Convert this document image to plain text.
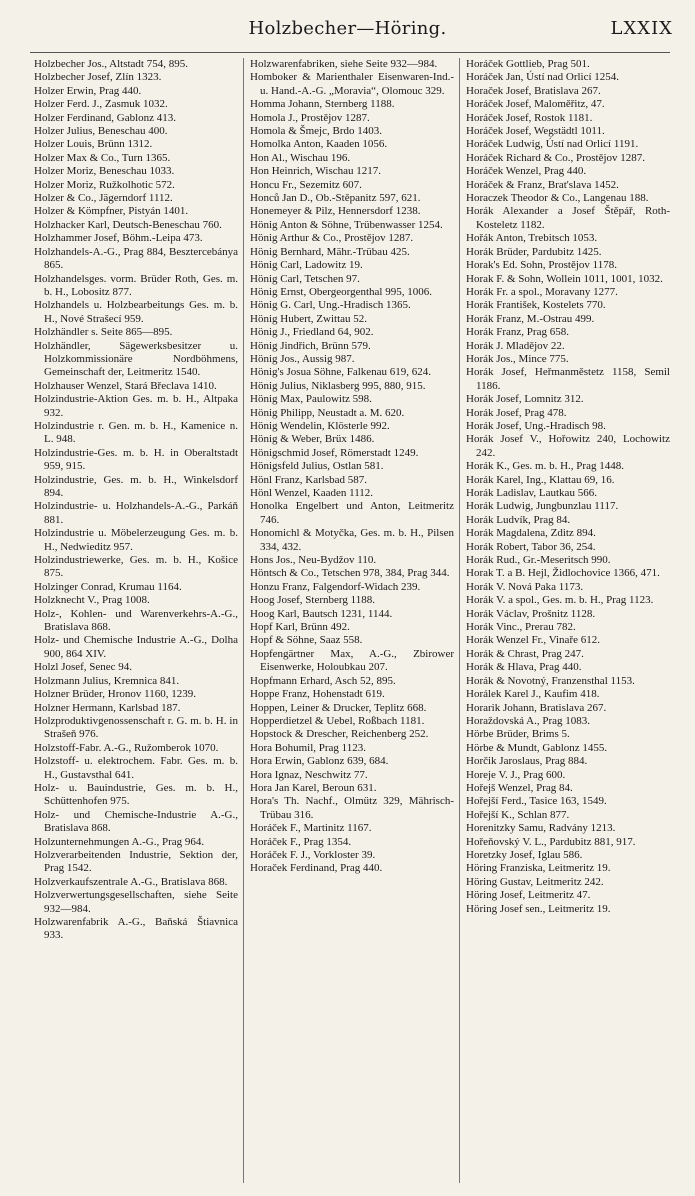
Holzbecher—Höring.	LXXIX

Holzbecher Jos., Altstadt 754, 895.

Holzbecher Josef, Zlín 1323.

Holzer Erwin, Prag 440.

Holzer Ferd. J., Zasmuk 1032.

Holzer Ferdinand, Gablonz 413.

Holzer Julius, Beneschau 400.

Holzer Louis, Brünn 1312.

Holzer Max & Co., Turn 1365.

Holzer Moriz, Beneschau 1033.

Holzer Moriz, Ružkolhotic 572.

Holzer & Co., Jägerndorf 1112.

Holzer & Kömpfner, Pistyán 1401.

Holzhacker Karl, Deutsch-Beneschau 760.

Holzhammer Josef, Böhm.-Leipa 473.

Holzhandels-A.-G., Prag 884, Besztercebánya 865.

Holzhandelsges. vorm. Brüder Roth, Ges. m. b. H., Lobositz 877.

Holzhandels u. Holzbearbeitungs Ges. m. b. H., Nové Strašecí 959.

Holzhändler s. Seite 865—895.

Holzhändler, Sägewerksbesitzer u. Holzkommissionäre Nordböhmens, Gemeinschaft der, Leitmeritz 1540.

Holzhauser Wenzel, Stará Břeclava 1410.

Holzindustrie-Aktion Ges. m. b. H., Altpaka 932.

Holzindustrie r. Gen. m. b. H., Kamenice n. L. 948.

Holzindustrie-Ges. m. b. H. in Oberaltstadt 959, 915.

Holzindustrie, Ges. m. b. H., Winkelsdorf 894.

Holzindustrie- u. Holzhandels-A.-G., Parkáň 881.

Holzindustrie u. Möbelerzeugung Ges. m. b. H., Nedwieditz 957.

Holzindustriewerke, Ges. m. b. H., Košice 875.

Holzinger Conrad, Krumau 1164.

Holzknecht V., Prag 1008.

Holz-, Kohlen- und Warenverkehrs-A.-G., Bratislava 868.

Holz- und Chemische Industrie A.-G., Dolha 900, 864 XIV.

Holzl Josef, Senec 94.

Holzmann Julius, Kremnica 841.

Holzner Brüder, Hronov 1160, 1239.

Holzner Hermann, Karlsbad 187.

Holzproduktivgenossenschaft r. G. m. b. H. in Strašeň 976.

Holzstoff-Fabr. A.-G., Ružomberok 1070.

Holzstoff- u. elektrochem. Fabr. Ges. m. b. H., Gustavsthal 641.

Holz- u. Bauindustrie, Ges. m. b. H., Schüttenhofen 975.

Holz- und Chemische-Industrie A.-G., Bratislava 868.

Holzunternehmungen A.-G., Prag 964.

Holzverarbeitenden Industrie, Sektion der, Prag 1542.

Holzverkaufszentrale A.-G., Bratislava 868.

Holzverwertungsgesellschaften, siehe Seite 932—984.

Holzwarenfabrik A.-G., Baňská Štiavnica 933.

Holzwarenfabriken, siehe Seite 932—984.

Homboker & Marienthaler Eisenwaren-Ind.- u. Hand.-A.-G. „Moravia“, Olomouc 329.

Homma Johann, Sternberg 1188.

Homola J., Prostějov 1287.

Homola & Šmejc, Brdo 1403.

Homolka Anton, Kaaden 1056.

Hon Al., Wischau 196.

Hon Heinrich, Wischau 1217.

Honcu Fr., Sezemitz 607.

Honců Jan D., Ob.-Stěpanitz 597, 621.

Honemeyer & Pilz, Hennersdorf 1238.

Hönig Anton & Söhne, Trübenwasser 1254.

Hönig Arthur & Co., Prostějov 1287.

Hönig Bernhard, Mähr.-Trübau 425.

Hönig Carl, Ladowitz 19.

Hönig Carl, Tetschen 97.

Hönig Ernst, Obergeorgenthal 995, 1006.

Hönig G. Carl, Ung.-Hradisch 1365.

Hönig Hubert, Zwittau 52.

Hönig J., Friedland 64, 902.

Hönig Jindřich, Brünn 579.

Hönig Jos., Aussig 987.

Hönig's Josua Söhne, Falkenau 619, 624.

Hönig Julius, Niklasberg 995, 880, 915.

Hönig Max, Paulowitz 598.

Hönig Philipp, Neustadt a. M. 620.

Hönig Wendelin, Klösterle 992.

Hönig & Weber, Brüx 1486.

Hönigschmid Josef, Römerstadt 1249.

Hönigsfeld Julius, Ostlan 581.

Hönl Franz, Karlsbad 587.

Hönl Wenzel, Kaaden 1112.

Honolka Engelbert und Anton, Leitmeritz 746.

Honomichl & Motyčka, Ges. m. b. H., Pilsen 334, 432.

Hons Jos., Neu-Bydžov 110.

Höntsch & Co., Tetschen 978, 384, Prag 344.

Honzu Franz, Falgendorf-Widach 239.

Hoog Josef, Sternberg 1188.

Hoog Karl, Bautsch 1231, 1144.

Hopf Karl, Brünn 492.

Hopf & Söhne, Saaz 558.

Hopfengärtner Max, A.-G., Zbirower Eisenwerke, Holoubkau 207.

Hopfmann Erhard, Asch 52, 895.

Hoppe Franz, Hohenstadt 619.

Hoppen, Leiner & Drucker, Teplitz 668.

Hopperdietzel & Uebel, Roßbach 1181.

Hopstock & Drescher, Reichenberg 252.

Hora Bohumil, Prag 1123.

Hora Erwin, Gablonz 639, 684.

Hora Ignaz, Neschwitz 77.

Hora Jan Karel, Beroun 631.

Hora's Th. Nachf., Olmütz 329, Mährisch-Trübau 316.

Horáček F., Martinitz 1167.

Horáček F., Prag 1354.

Horáček F. J., Vorkloster 39.

Horaček Ferdinand, Prag 440.

Horáček Gottlieb, Prag 501.

Horáček Jan, Ústí nad Orlicí 1254.

Horaček Josef, Bratislava 267.

Horáček Josef, Maloměřitz, 47.

Horáček Josef, Rostok 1181.

Horáček Josef, Wegstädtl 1011.

Horáček Ludwig, Ústí nad Orlicí 1191.

Horáček Richard & Co., Prostějov 1287.

Horáček Wenzel, Prag 440.

Horáček & Franz, Brat'slava 1452.

Horaczek Theodor & Co., Langenau 188.

Horák Alexander a Josef Štěpář, Roth-Kosteletz 1182.

Hořák Anton, Trebitsch 1053.

Horák Brüder, Pardubitz 1425.

Horak's Ed. Sohn, Prostějov 1178.

Horak F. & Sohn, Wollein 1011, 1001, 1032.

Horák Fr. a spol., Moravany 1277.

Horák František, Kostelets 770.

Horák Franz, M.-Ostrau 499.

Horák Franz, Prag 658.

Horák J. Mladějov 22.

Horák Jos., Mince 775.

Horák Josef, Heřmanměstetz 1158, Semil 1186.

Horák Josef, Lomnitz 312.

Horák Josef, Prag 478.

Horák Josef, Ung.-Hradisch 98.

Horák Josef V., Hořowitz 240, Lochowitz 242.

Horák K., Ges. m. b. H., Prag 1448.

Horák Karel, Ing., Klattau 69, 16.

Horák Ladislav, Lautkau 566.

Horák Ludwig, Jungbunzlau 1117.

Horák Ludvík, Prag 84.

Horák Magdalena, Zditz 894.

Horák Robert, Tabor 36, 254.

Horák Rud., Gr.-Meseritsch 990.

Horak T. a B. Hejl, Židlochovice 1366, 471.

Horák V. Nová Paka 1173.

Horák V. a spol., Ges. m. b. H., Prag 1123.

Horák Václav, Prošnitz 1128.

Horák Vinc., Prerau 782.

Horák Wenzel Fr., Vinaře 612.

Horák & Chrast, Prag 247.

Horák & Hlava, Prag 440.

Horák & Novotný, Franzensthal 1153.

Horálek Karel J., Kaufim 418.

Horarik Johann, Bratislava 267.

Horaždovská A., Prag 1083.

Hörbe Brüder, Brims 5.

Hörbe & Mundt, Gablonz 1455.

Horčik Jaroslaus, Prag 884.

Horeje V. J., Prag 600.

Hořejš Wenzel, Prag 84.

Hořejší Ferd., Tasice 163, 1549.

Hořejší K., Schlan 877.

Horenitzky Samu, Radvány 1213.

Hořeňovský V. L., Pardubitz 881, 917.

Horetzky Josef, Iglau 586.

Höring Franziska, Leitmeritz 19.

Höring Gustav, Leitmeritz 242.

Höring Josef, Leitmeritz 47.

Höring Josef sen., Leitmeritz 19.
